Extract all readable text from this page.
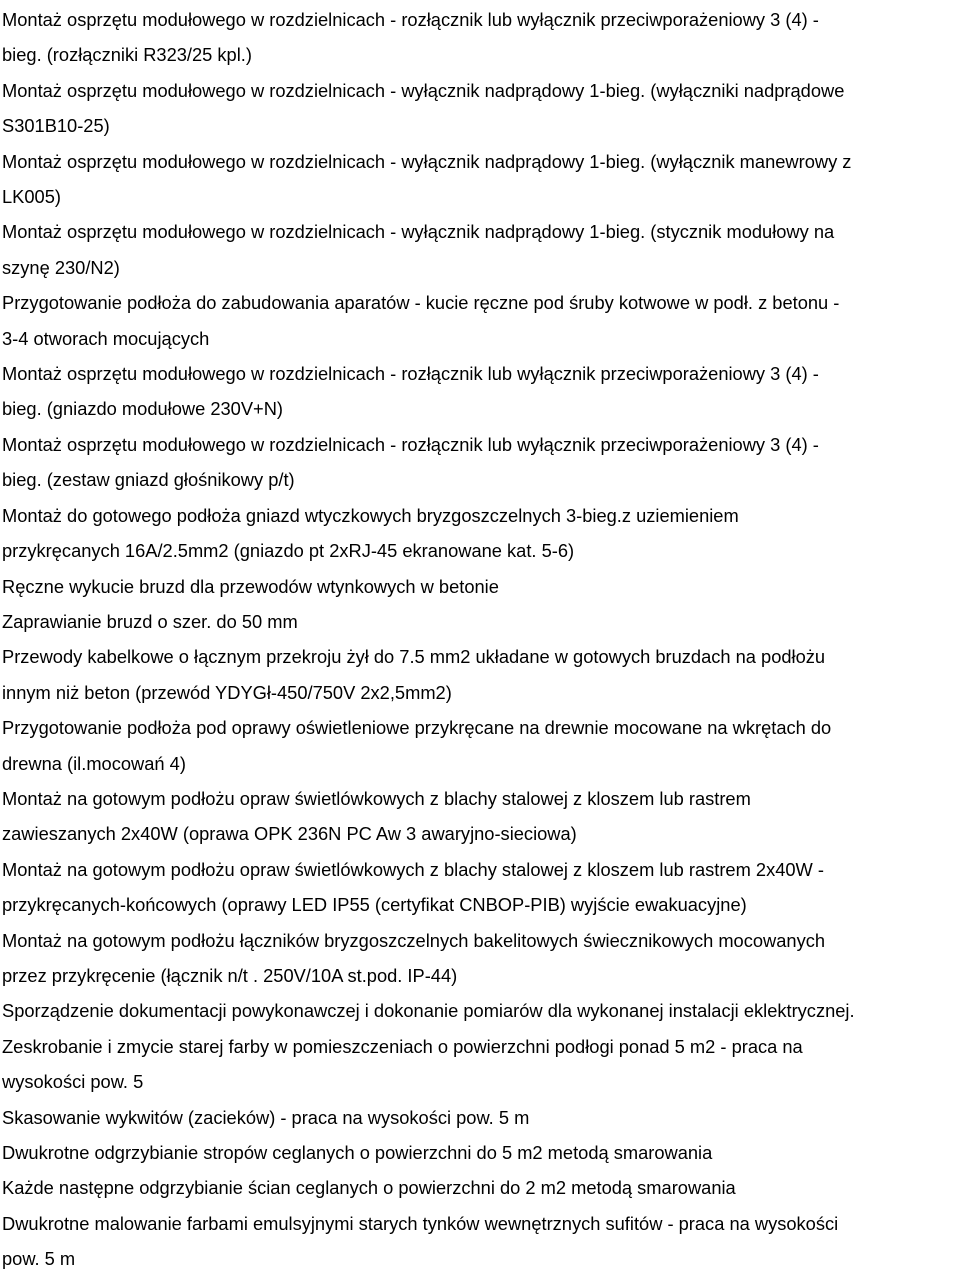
Montaż osprzętu modułowego w rozdzielnicach - rozłącznik lub wyłącznik przeciwporażeniowy 3 (4) -
bieg. (rozłączniki R323/25 kpl.)
Montaż osprzętu modułowego w rozdzielnicach - wyłącznik nadprądowy 1-bieg. (wyłączniki nadprądowe
S301B10-25)
Montaż osprzętu modułowego w rozdzielnicach - wyłącznik nadprądowy 1-bieg. (wyłącznik manewrowy z
LK005)
Montaż osprzętu modułowego w rozdzielnicach - wyłącznik nadprądowy 1-bieg. (stycznik modułowy na
szynę 230/N2)
Przygotowanie podłoża do zabudowania aparatów - kucie ręczne pod śruby kotwowe w podł. z betonu -
3-4 otworach mocujących
Montaż osprzętu modułowego w rozdzielnicach - rozłącznik lub wyłącznik przeciwporażeniowy 3 (4) -
bieg. (gniazdo modułowe 230V+N)
Montaż osprzętu modułowego w rozdzielnicach - rozłącznik lub wyłącznik przeciwporażeniowy 3 (4) -
bieg. (zestaw gniazd głośnikowy p/t)
Montaż do gotowego podłoża gniazd wtyczkowych bryzgoszczelnych 3-bieg.z uziemieniem
przykręcanych 16A/2.5mm2 (gniazdo pt 2xRJ-45 ekranowane kat. 5-6)
Ręczne wykucie bruzd dla przewodów wtynkowych w betonie
Zaprawianie bruzd o szer. do 50 mm
Przewody kabelkowe o łącznym przekroju żył do 7.5 mm2 układane w gotowych bruzdach na podłożu
innym niż beton (przewód YDYGł-450/750V 2x2,5mm2)
Przygotowanie podłoża pod oprawy oświetleniowe przykręcane na drewnie mocowane na wkrętach do
drewna (il.mocowań 4)
Montaż na gotowym podłożu opraw świetlówkowych z blachy stalowej z kloszem lub rastrem
zawieszanych 2x40W (oprawa OPK 236N PC Aw 3 awaryjno-sieciowa)
Montaż na gotowym podłożu opraw świetlówkowych z blachy stalowej z kloszem lub rastrem 2x40W -
przykręcanych-końcowych (oprawy LED IP55 (certyfikat CNBOP-PIB) wyjście ewakuacyjne)
Montaż na gotowym podłożu łączników bryzgoszczelnych bakelitowych świecznikowych mocowanych
przez przykręcenie (łącznik n/t . 250V/10A st.pod. IP-44)
Sporządzenie dokumentacji powykonawczej i dokonanie pomiarów dla wykonanej instalacji eklektrycznej.
Zeskrobanie i zmycie starej farby w pomieszczeniach o powierzchni podłogi ponad 5 m2 - praca na
wysokości pow. 5
Skasowanie wykwitów (zacieków) - praca na wysokości pow. 5 m
Dwukrotne odgrzybianie stropów ceglanych o powierzchni do 5 m2 metodą smarowania
Każde następne odgrzybianie ścian ceglanych o powierzchni do 2 m2 metodą smarowania
Dwukrotne malowanie farbami emulsyjnymi starych tynków wewnętrznych sufitów - praca na wysokości
pow. 5 m
